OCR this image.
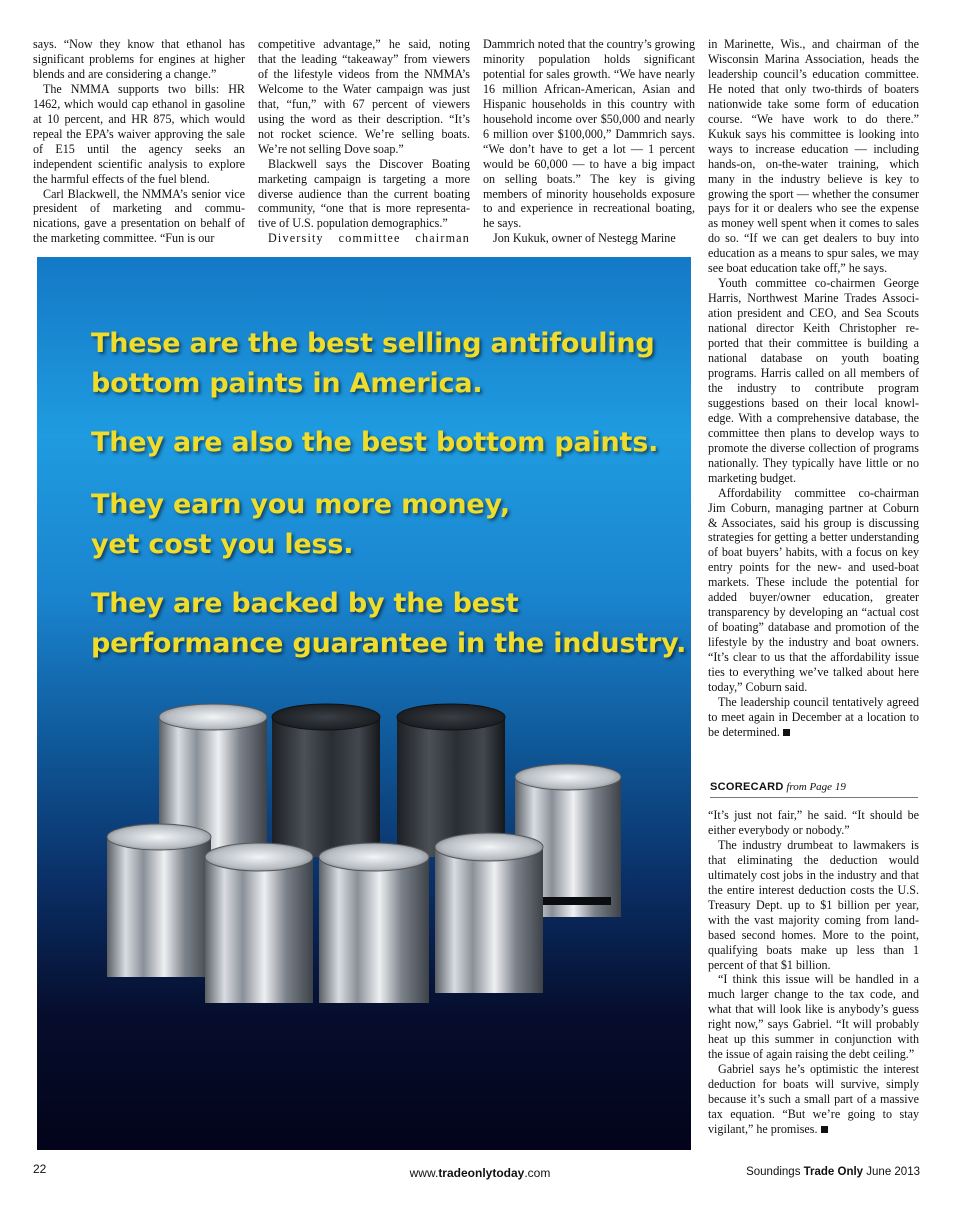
says. “Now they know that ethanol has significant problems for engines at higher blends and are considering a change.”

The NMMA supports two bills: HR 1462, which would cap ethanol in gasoline at 10 percent, and HR 875, which would repeal the EPA’s waiver approving the sale of E15 until the agency seeks an independent scientific analysis to explore the harmful effects of the fuel blend.

Carl Blackwell, the NMMA’s senior vice president of marketing and communications, gave a presentation on behalf of the marketing committee. “Fun is our

competitive advantage,” he said, noting that the leading “takeaway” from viewers of the lifestyle videos from the NMMA’s Welcome to the Water campaign was just that, “fun,” with 67 percent of viewers using the word as their description. “It’s not rocket science. We’re selling boats. We’re not selling Dove soap.”

Blackwell says the Discover Boating marketing campaign is targeting a more diverse audience than the current boating community, “one that is more representative of U.S. population demographics.”

Diversity committee chairman

Dammrich noted that the country’s growing minority population holds significant potential for sales growth. “We have nearly 16 million African-American, Asian and Hispanic households in this country with household income over $50,000 and nearly 6 million over $100,000,” Dammrich says. “We don’t have to get a lot — 1 percent would be 60,000 — to have a big impact on selling boats.” The key is giving members of minority households exposure to and experience in recreational boating, he says.

Jon Kukuk, owner of Nestegg Marine

in Marinette, Wis., and chairman of the Wisconsin Marina Association, heads the leadership council’s education committee. He noted that only two-thirds of boaters nationwide take some form of education course. “We have work to do there.” Kukuk says his committee is looking into ways to increase education — including hands-on, on-the-water training, which many in the industry believe is key to growing the sport — whether the consumer pays for it or dealers who see the expense as money well spent when it comes to sales do so. “If we can get dealers to buy into education as a means to spur sales, we may see boat education take off,” he says.

Youth committee co-chairmen George Harris, Northwest Marine Trades Association president and CEO, and Sea Scouts national director Keith Christopher reported that their committee is building a national database on youth boating programs. Harris called on all members of the industry to contribute program suggestions based on their local knowledge. With a comprehensive database, the committee then plans to develop ways to promote the diverse collection of programs nationally. They typically have little or no marketing budget.

Affordability committee co-chairman Jim Coburn, managing partner at Coburn & Associates, said his group is discussing strategies for getting a better understanding of boat buyers’ habits, with a focus on key entry points for the new- and used-boat markets. These include the potential for added buyer/owner education, greater transparency by developing an “actual cost of boating” database and promotion of the lifestyle by the industry and boat owners. “It’s clear to us that the affordability issue ties to everything we’ve talked about here today,” Coburn said.

The leadership council tentatively agreed to meet again in December at a location to be determined.

These are the best selling antifouling
bottom paints in America.
They are also the best bottom paints.
They earn you more money,
yet cost you less.
They are backed by the best
performance guarantee in the industry.
SCORECARD from Page 19

“It’s just not fair,” he said. “It should be either everybody or nobody.”

The industry drumbeat to lawmakers is that eliminating the deduction would ultimately cost jobs in the industry and that the entire interest deduction costs the U.S. Treasury Dept. up to $1 billion per year, with the vast majority coming from land-based second homes. More to the point, qualifying boats make up less than 1 percent of that $1 billion.

“I think this issue will be handled in a much larger change to the tax code, and what that will look like is anybody’s guess right now,” says Gabriel. “It will probably heat up this summer in conjunction with the issue of again raising the debt ceiling.”

Gabriel says he’s optimistic the interest deduction for boats will survive, simply because it’s such a small part of a massive tax equation. “But we’re going to stay vigilant,” he promises.

22	www.tradeonlytoday.com	Soundings Trade Only June 2013
